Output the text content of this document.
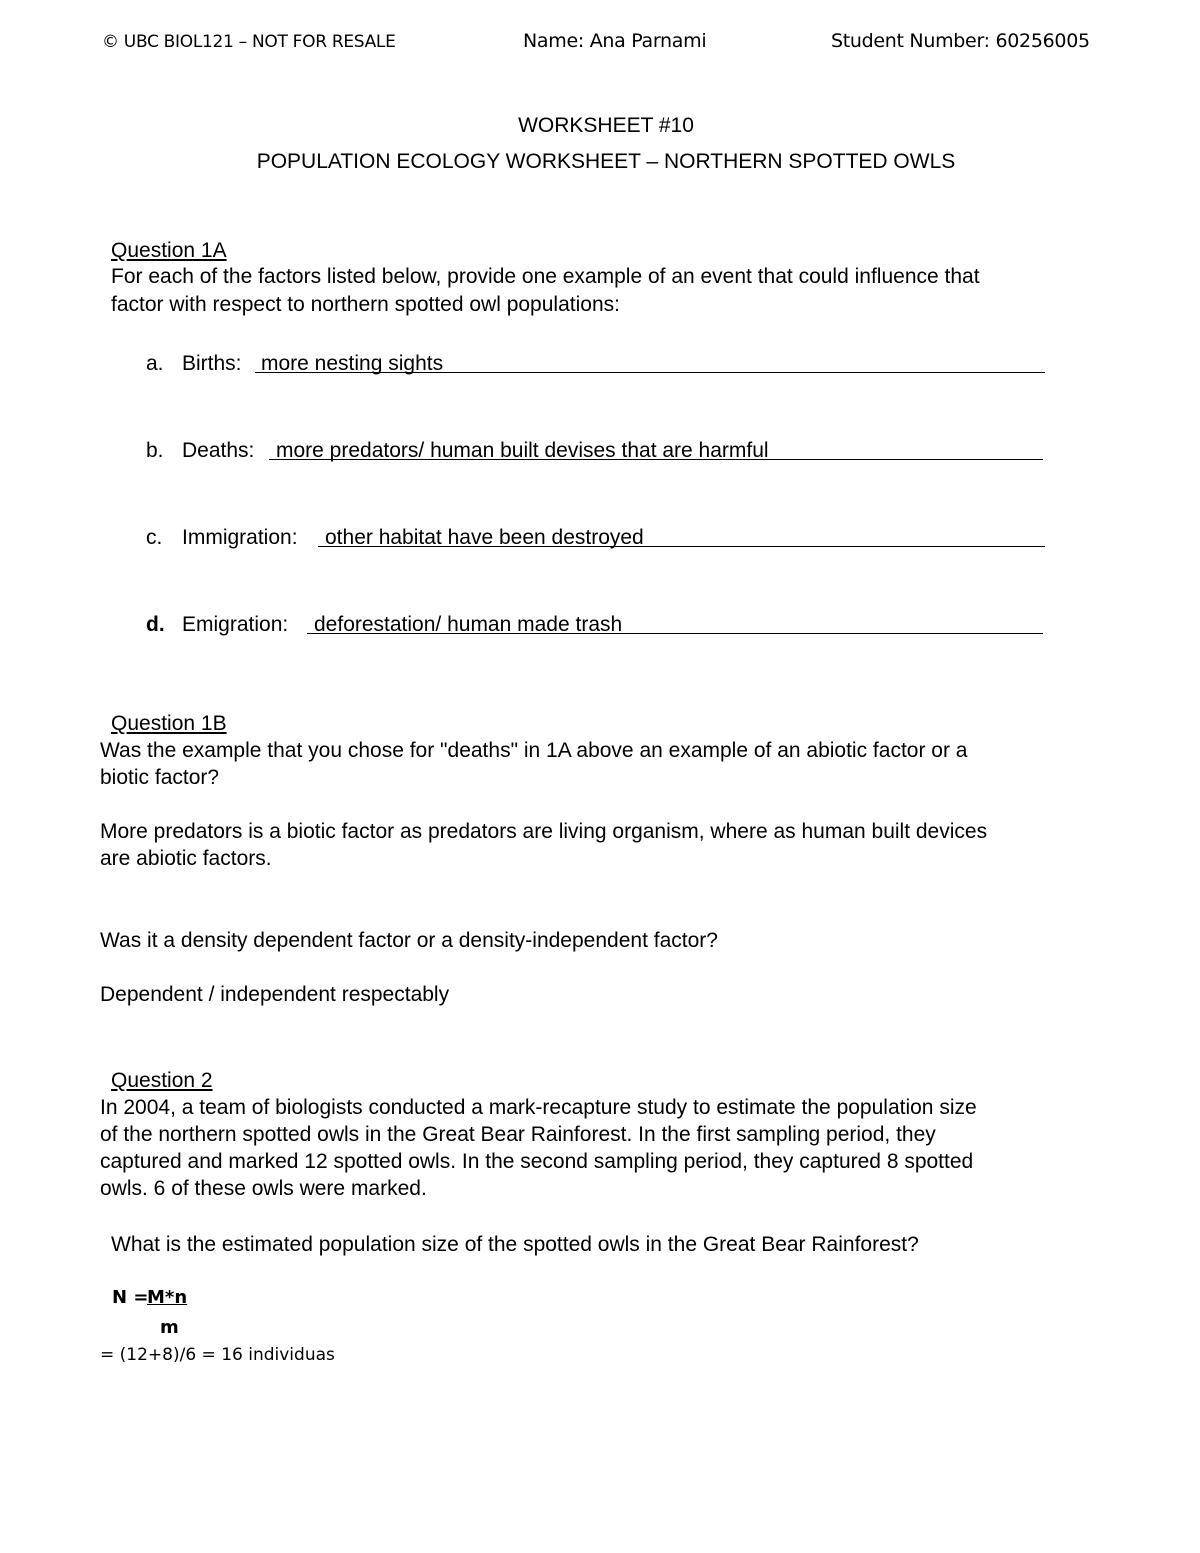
© UBC BIOL121 – NOT FOR RESALE	Name: Ana Parnami	Student Number: 60256005
WORKSHEET #10
POPULATION ECOLOGY WORKSHEET – NORTHERN SPOTTED OWLS
Question 1A
For each of the factors listed below, provide one example of an event that could influence that
factor with respect to northern spotted owl populations:
a. Births: more nesting sights
b. Deaths: more predators/ human built devises that are harmful
c. Immigration: other habitat have been destroyed
d. Emigration: deforestation/ human made trash
Question 1B
Was the example that you chose for "deaths" in 1A above an example of an abiotic factor or a
biotic factor?
More predators is a biotic factor as predators are living organism, where as human built devices
are abiotic factors.
Was it a density dependent factor or a density-independent factor?
Dependent / independent respectably
Question 2
In 2004, a team of biologists conducted a mark-recapture study to estimate the population size
of the northern spotted owls in the Great Bear Rainforest. In the first sampling period, they
captured and marked 12 spotted owls. In the second sampling period, they captured 8 spotted
owls. 6 of these owls were marked.
What is the estimated population size of the spotted owls in the Great Bear Rainforest?
N =
M*n
m
= (12+8)/6 = 16 individuas
